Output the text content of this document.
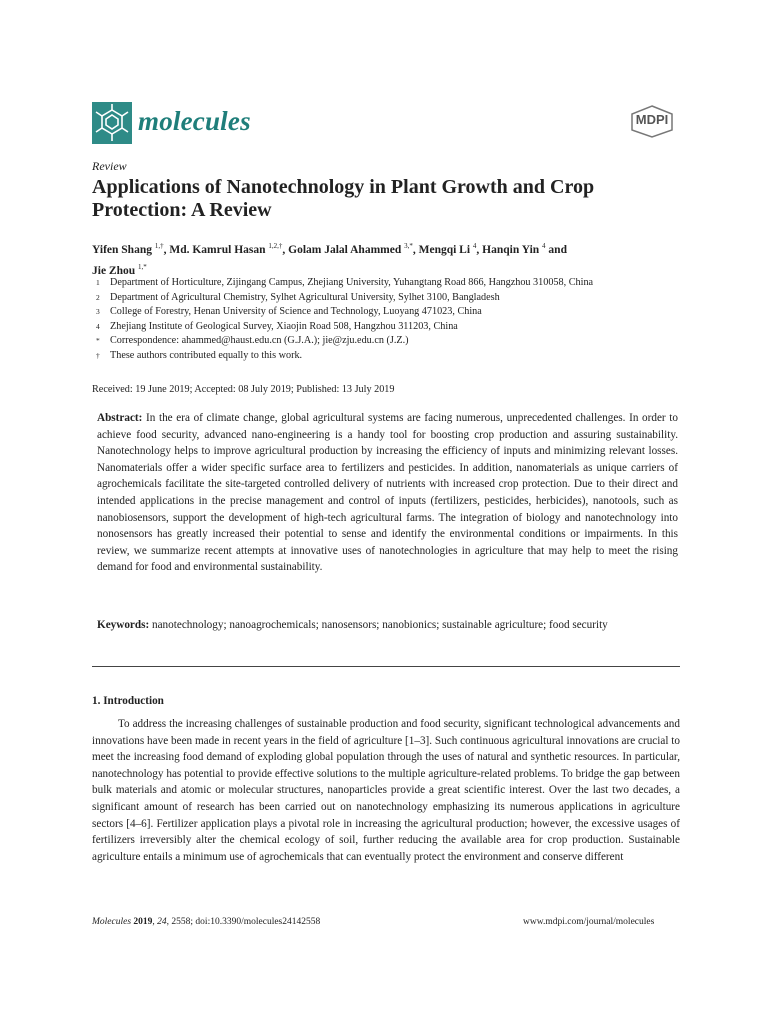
molecules	MDPI
Review
Applications of Nanotechnology in Plant Growth and Crop Protection: A Review
Yifen Shang $^{1,\dagger}$, Md. Kamrul Hasan $^{1,2,\dagger}$, Golam Jalal Ahammed $^{3,*}$, Mengqi Li $^4$, Hanqin Yin $^4$ and
Jie Zhou $^{1,*}$
1	Department of Horticulture, Zijingang Campus, Zhejiang University, Yuhangtang Road 866, Hangzhou 310058, China
2	Department of Agricultural Chemistry, Sylhet Agricultural University, Sylhet 3100, Bangladesh
3	College of Forestry, Henan University of Science and Technology, Luoyang 471023, China
4	Zhejiang Institute of Geological Survey, Xiaojin Road 508, Hangzhou 311203, China
*	Correspondence: ahammed@haust.edu.cn (G.J.A.); jie@zju.edu.cn (J.Z.)
†	These authors contributed equally to this work.
Received: 19 June 2019; Accepted: 08 July 2019; Published: 13 July 2019
Abstract: In the era of climate change, global agricultural systems are facing numerous, unprecedented challenges. In order to achieve food security, advanced nano-engineering is a handy tool for boosting crop production and assuring sustainability. Nanotechnology helps to improve agricultural production by increasing the efficiency of inputs and minimizing relevant losses. Nanomaterials offer a wider specific surface area to fertilizers and pesticides. In addition, nanomaterials as unique carriers of agrochemicals facilitate the site-targeted controlled delivery of nutrients with increased crop protection. Due to their direct and intended applications in the precise management and control of inputs (fertilizers, pesticides, herbicides), nanotools, such as nanobiosensors, support the development of high-tech agricultural farms. The integration of biology and nanotechnology into nonosensors has greatly increased their potential to sense and identify the environmental conditions or impairments. In this review, we summarize recent attempts at innovative uses of nanotechnologies in agriculture that may help to meet the rising demand for food and environmental sustainability.
Keywords: nanotechnology; nanoagrochemicals; nanosensors; nanobionics; sustainable agriculture; food security
1. Introduction
To address the increasing challenges of sustainable production and food security, significant technological advancements and innovations have been made in recent years in the field of agriculture [1–3]. Such continuous agricultural innovations are crucial to meet the increasing food demand of exploding global population through the uses of natural and synthetic resources. In particular, nanotechnology has potential to provide effective solutions to the multiple agriculture-related problems. To bridge the gap between bulk materials and atomic or molecular structures, nanoparticles provide a great scientific interest. Over the last two decades, a significant amount of research has been carried out on nanotechnology emphasizing its numerous applications in agriculture sectors [4–6]. Fertilizer application plays a pivotal role in increasing the agricultural production; however, the excessive usages of fertilizers irreversibly alter the chemical ecology of soil, further reducing the available area for crop production. Sustainable agriculture entails a minimum use of agrochemicals that can eventually protect the environment and conserve different
Molecules 2019, 24, 2558; doi:10.3390/molecules24142558	www.mdpi.com/journal/molecules
